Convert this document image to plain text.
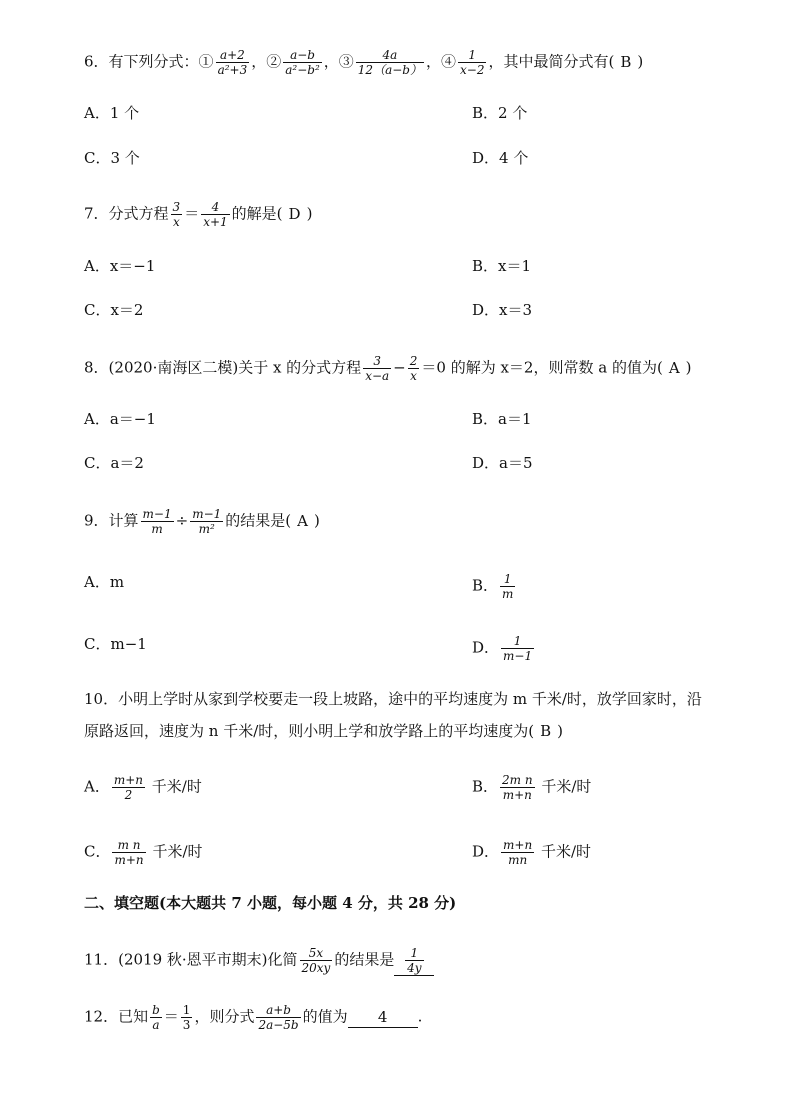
6．有下列分式：① $\frac{a+2}{\text{a²+3}}$ ，② $\frac{a-b}{\text{a²−b²}}$ ，③ $\frac{4a}{12(a-b)}$ ，④ $\frac{1}{x-2}$ ，其中最简分式有( B )
A．1 个	B．2 个
C．3 个	D．4 个
7．分式方程 $\frac{3}{x} = \frac{4}{x+1}$ 的解是( D )
A．x＝−1	B．x＝1
C．x＝2	D．x＝3
8．(2020·南海区二模)关于 x 的分式方程 $\frac{3}{x-a} - \frac{2}{x} =0$ 的解为 x＝2，则常数 a 的值为( A )
A．a＝−1	B．a＝1
C．a＝2	D．a＝5
9．计算 $\frac{m-1}{m} \div \frac{m-1}{\text{m²}}$ 的结果是( A )
A．m	B． $\frac{1}{m}$
C．m−1	D． $\frac{1}{m-1}$
10．小明上学时从家到学校要走一段上坡路，途中的平均速度为 m 千米/时，放学回家时，沿
原路返回，速度为 n 千米/时，则小明上学和放学路上的平均速度为( B )
A． $\frac{m+n}{2}$ 千米/时	B． $\frac{\text{2m n}}{m+n}$ 千米/时
C． $\frac{\text{m n}}{m+n}$ 千米/时	D． $\frac{m+n}{mn}$ 千米/时
二、填空题(本大题共 7 小题，每小题 4 分，共 28 分)
11．(2019 秋·恩平市期末)化简 $\frac{5x}{20xy}$ 的结果是 $\frac{1}{4y}$
12．已知 $\frac{b}{a} = \frac{1}{3}$ ，则分式 $\frac{a+b}{2a-5b}$ 的值为 4 .
